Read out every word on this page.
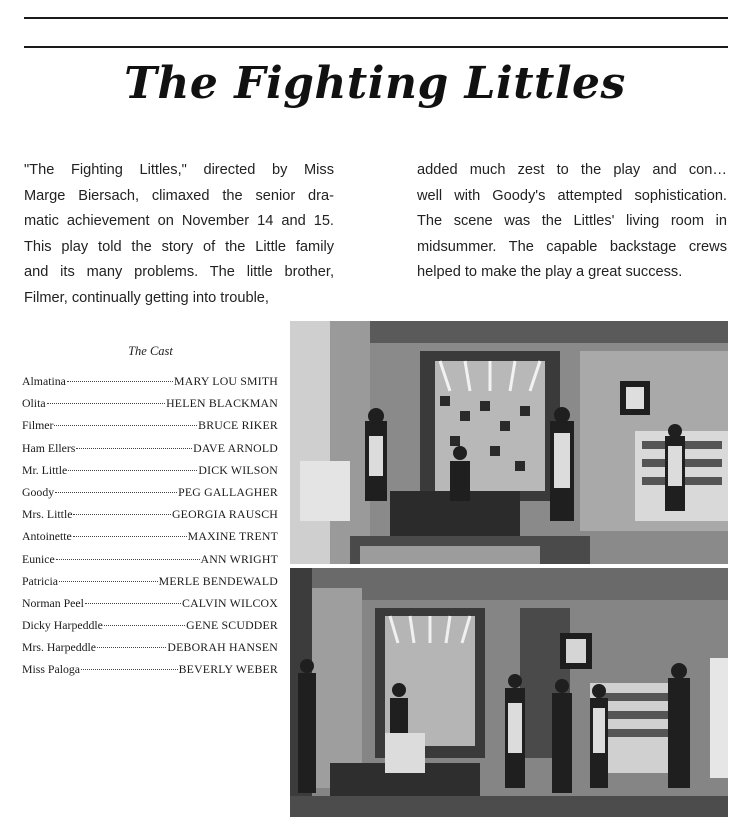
The Fighting Littles
"The Fighting Littles," directed by Miss
Marge Biersach, climaxed the senior dra-
matic achievement on November 14 and 15.
This play told the story of the Little family
and its many problems. The little brother,
Filmer, continually getting into trouble,
added much zest to the play and con…
well with Goody's attempted sophistication.
The scene was the Littles' living room in
midsummer. The capable backstage crews
helped to make the play a great success.
The Cast
Almatina	MARY LOU SMITH
Olita	HELEN BLACKMAN
Filmer	BRUCE RIKER
Ham Ellers	DAVE ARNOLD
Mr. Little	DICK WILSON
Goody	PEG GALLAGHER
Mrs. Little	GEORGIA RAUSCH
Antoinette	MAXINE TRENT
Eunice	ANN WRIGHT
Patricia	MERLE BENDEWALD
Norman Peel	CALVIN WILCOX
Dicky Harpeddle	GENE SCUDDER
Mrs. Harpeddle	DEBORAH HANSEN
Miss Paloga	BEVERLY WEBER
